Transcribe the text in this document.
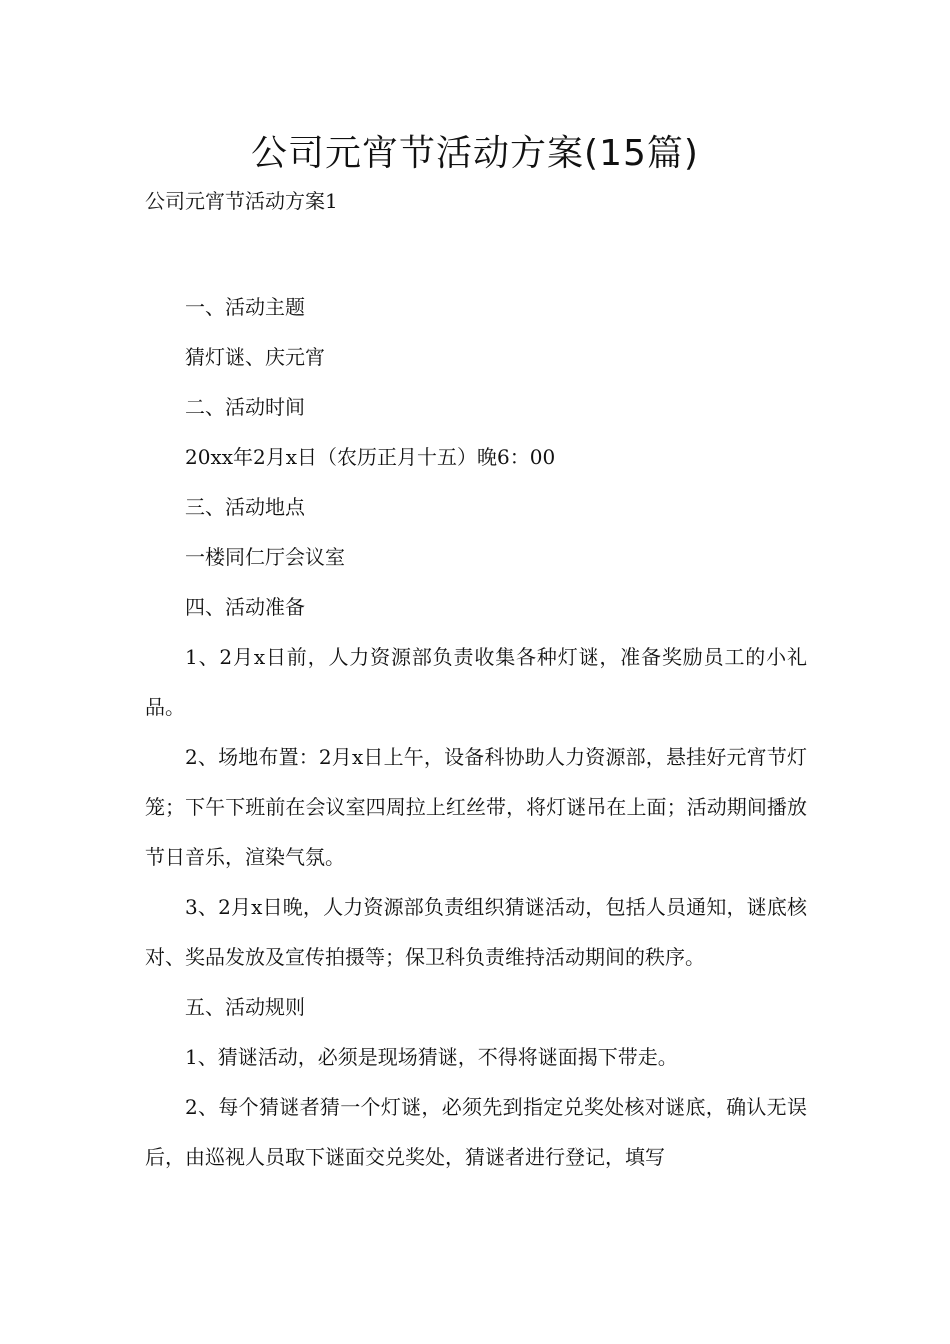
公司元宵节活动方案(15篇)
公司元宵节活动方案1

一、活动主题

猜灯谜、庆元宵

二、活动时间

20xx年2月x日（农历正月十五）晚6：00

三、活动地点

一楼同仁厅会议室

四、活动准备

1、2月x日前，人力资源部负责收集各种灯谜，准备奖励员工的小礼品。

2、场地布置：2月x日上午，设备科协助人力资源部，悬挂好元宵节灯笼；下午下班前在会议室四周拉上红丝带，将灯谜吊在上面；活动期间播放节日音乐，渲染气氛。

3、2月x日晚，人力资源部负责组织猜谜活动，包括人员通知，谜底核对、奖品发放及宣传拍摄等；保卫科负责维持活动期间的秩序。

五、活动规则

1、猜谜活动，必须是现场猜谜，不得将谜面揭下带走。

2、每个猜谜者猜一个灯谜，必须先到指定兑奖处核对谜底，确认无误后，由巡视人员取下谜面交兑奖处，猜谜者进行登记，填写
